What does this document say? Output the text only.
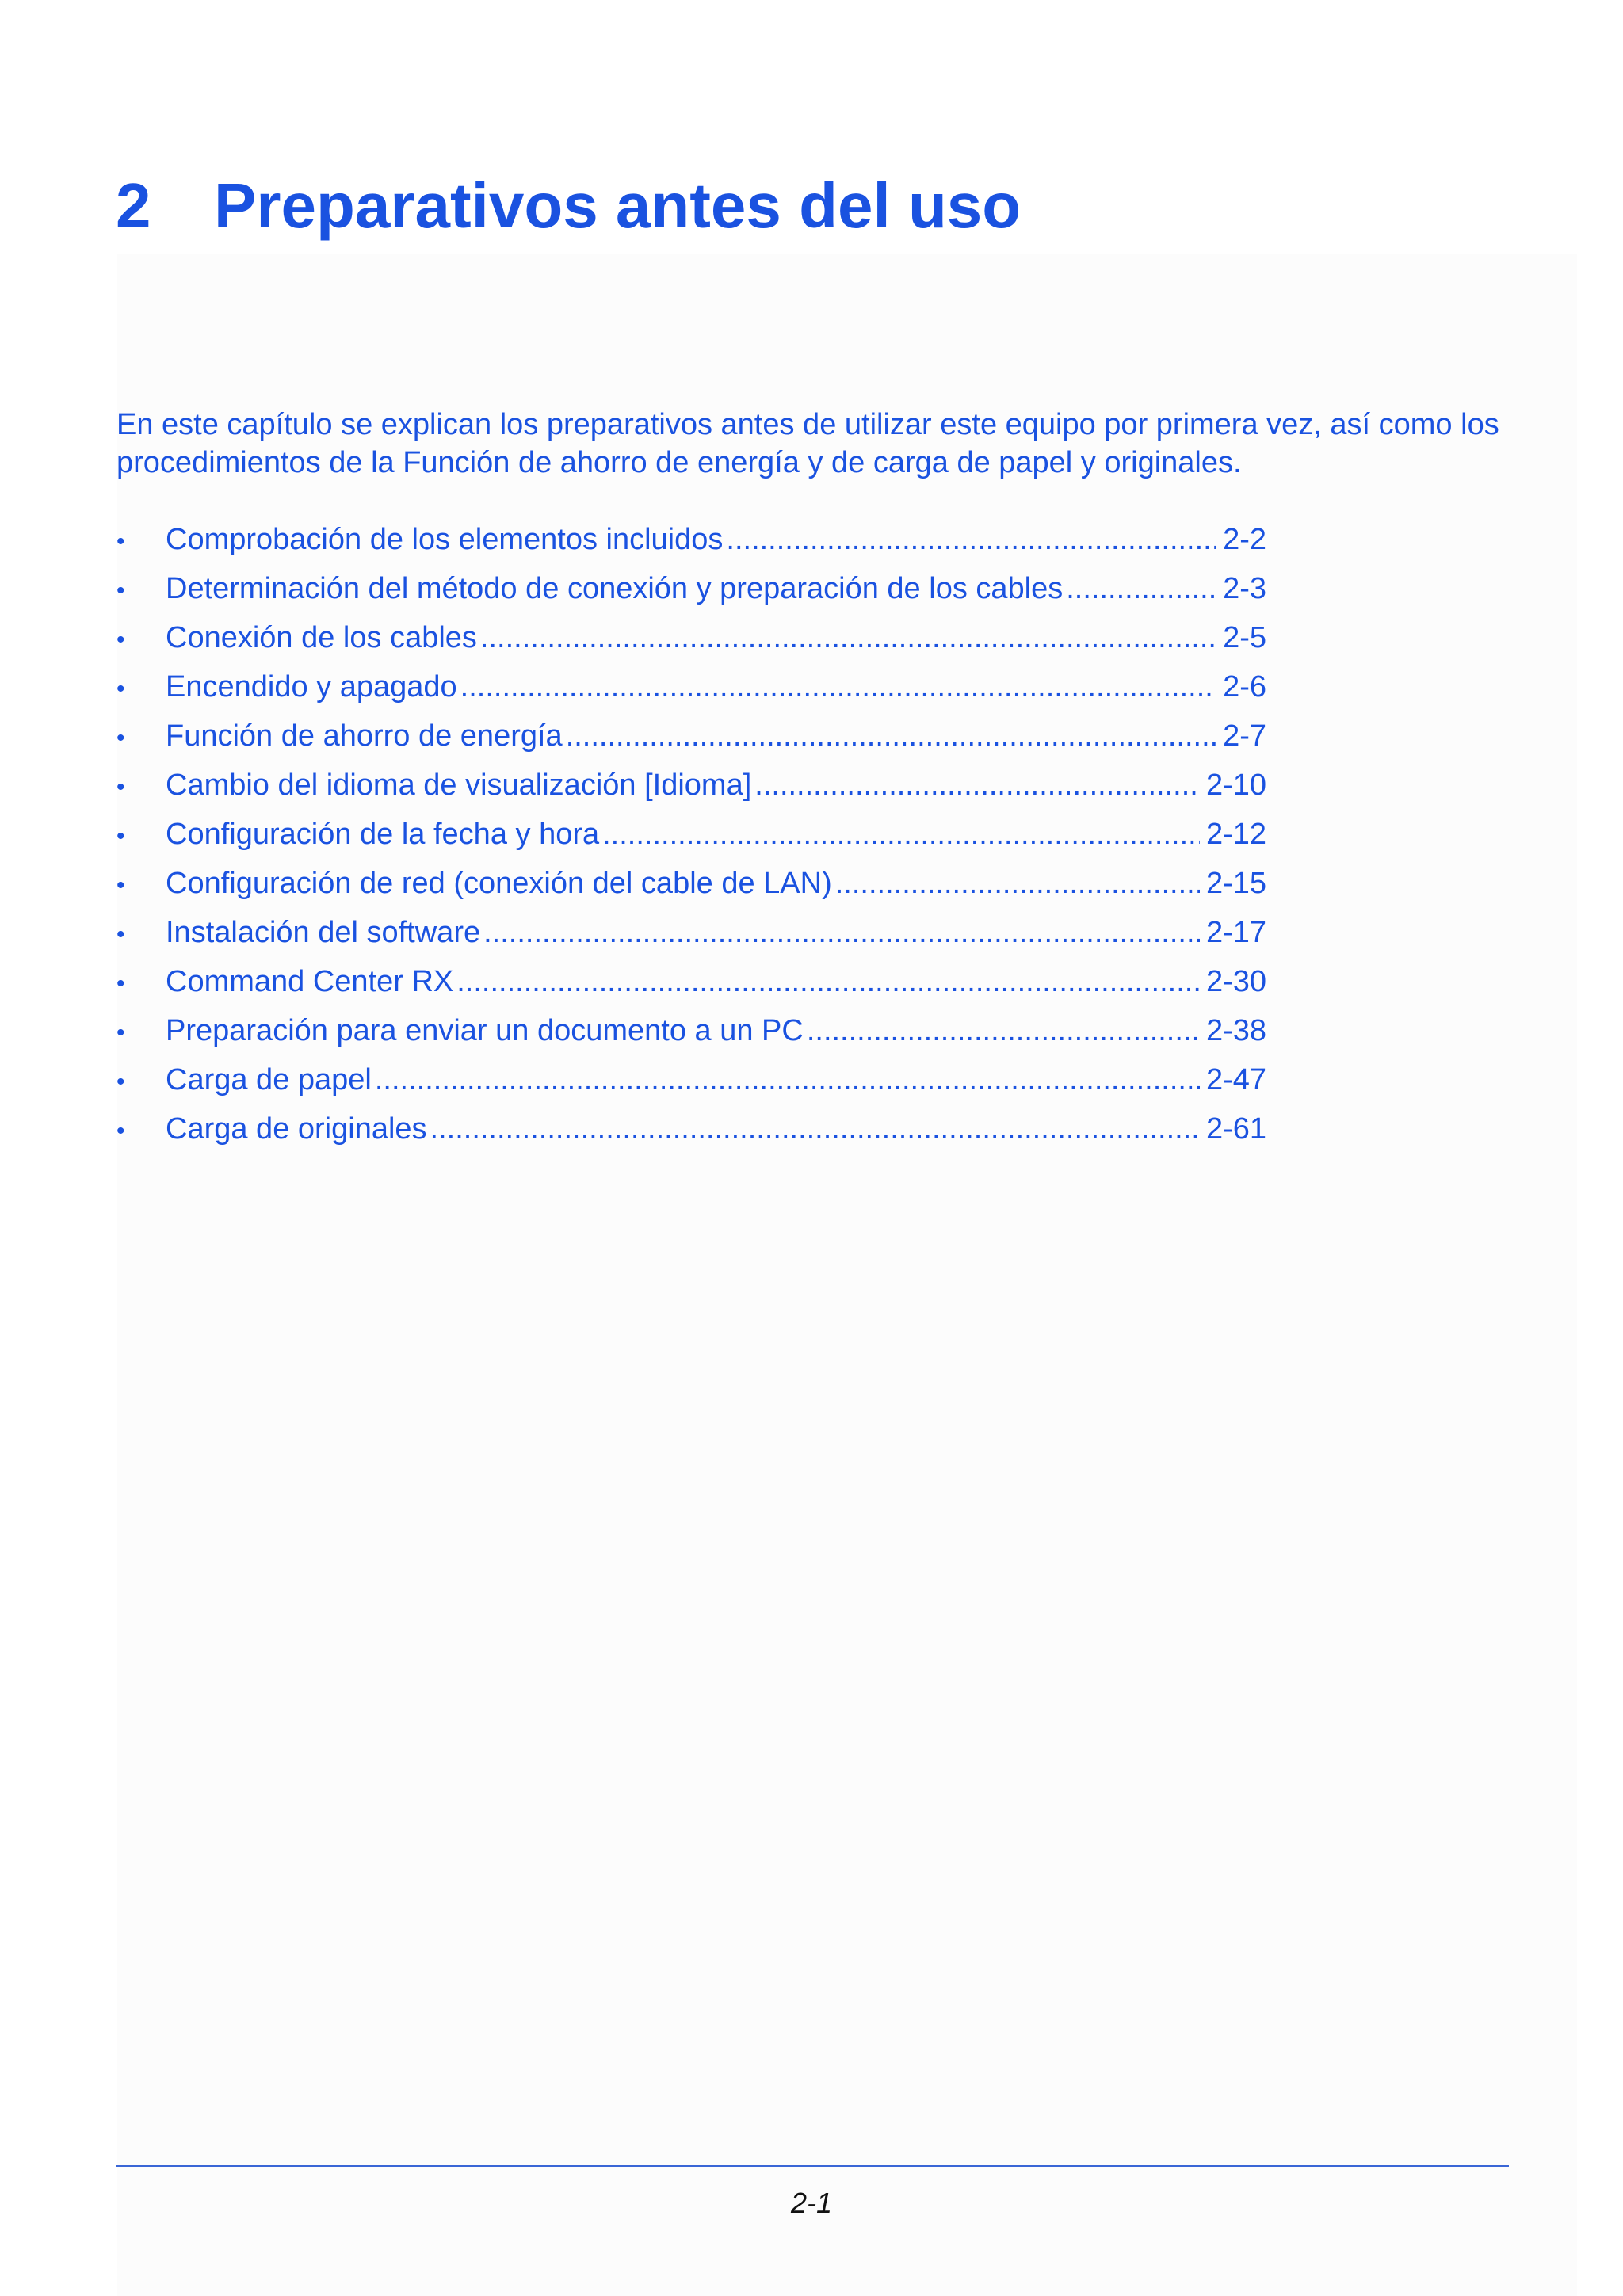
2 Preparativos antes del uso

En este capítulo se explican los preparativos antes de utilizar este equipo por primera vez, así como los procedimientos de la Función de ahorro de energía y de carga de papel y originales.

•	Comprobación de los elementos incluidos .....	2-2
•	Determinación del método de conexión y preparación de los cables .....	2-3
•	Conexión de los cables .....	2-5
•	Encendido y apagado .....	2-6
•	Función de ahorro de energía .....	2-7
•	Cambio del idioma de visualización [Idioma] .....	2-10
•	Configuración de la fecha y hora .....	2-12
•	Configuración de red (conexión del cable de LAN) .....	2-15
•	Instalación del software .....	2-17
•	Command Center RX .....	2-30
•	Preparación para enviar un documento a un PC .....	2-38
•	Carga de papel .....	2-47
•	Carga de originales .....	2-61
2-1
